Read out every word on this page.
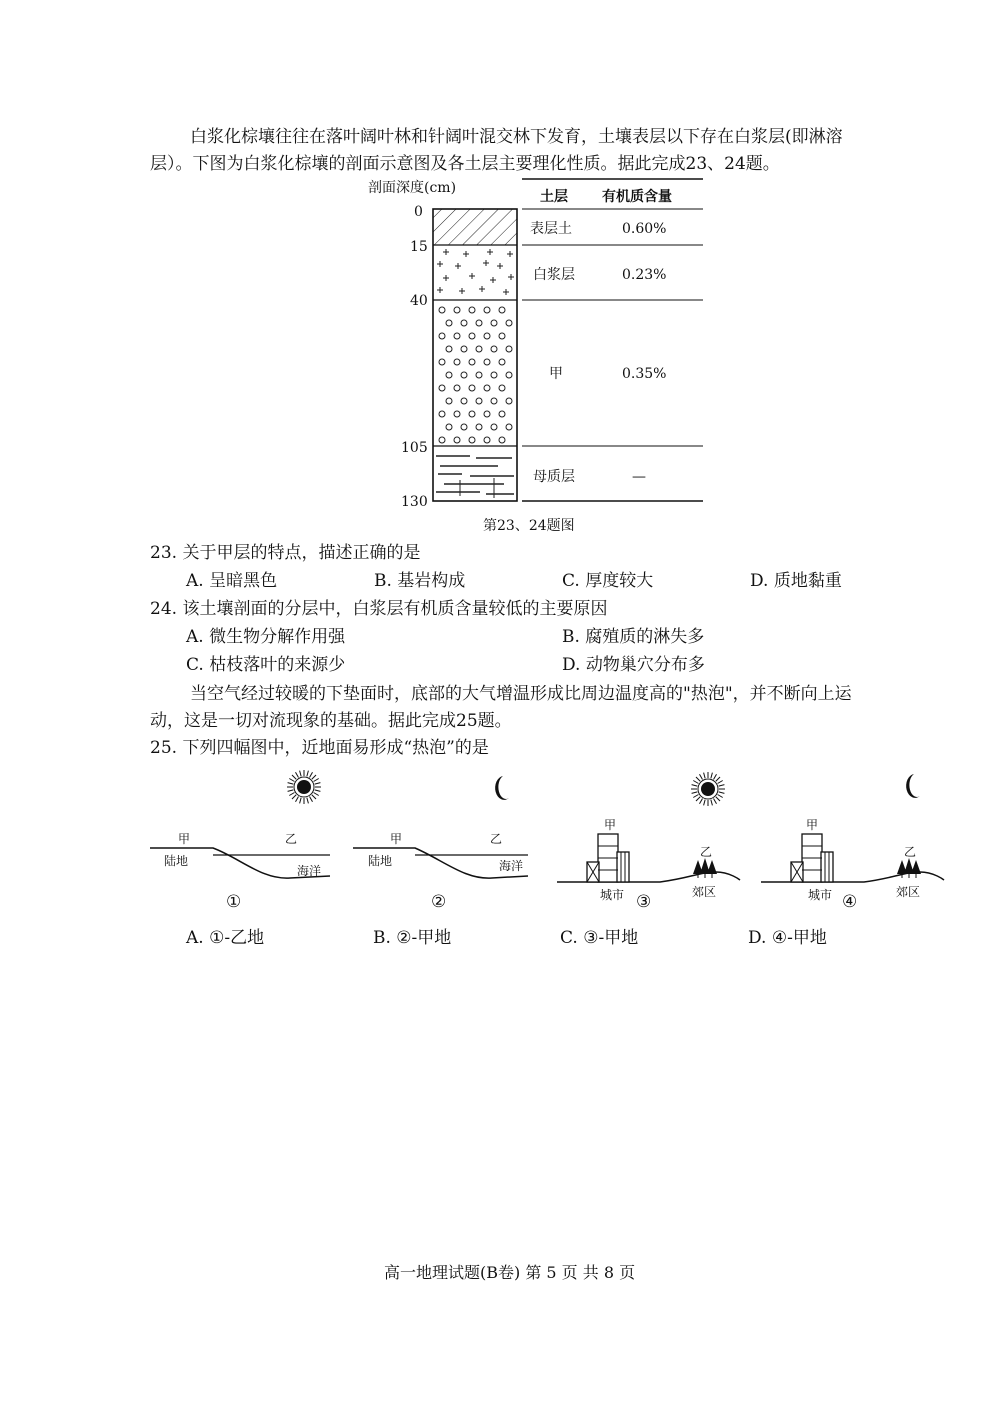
白浆化棕壤往往在落叶阔叶林和针阔叶混交林下发育，土壤表层以下存在白浆层(即淋溶
层）。下图为白浆化棕壤的剖面示意图及各土层主要理化性质。据此完成23、24题。
剖面深度(cm)
0
15
40
105
130
土层 有机质含量
表层土	0.60%
白浆层	0.23%
甲	0.35%
母质层	—
第23、24题图
23. 关于甲层的特点，描述正确的是
A. 呈暗黑色	B. 基岩构成	C. 厚度较大	D. 质地黏重
24. 该土壤剖面的分层中，白浆层有机质含量较低的主要原因
A. 微生物分解作用强	B. 腐殖质的淋失多
C. 枯枝落叶的来源少	D. 动物巢穴分布多
当空气经过较暖的下垫面时，底部的大气增温形成比周边温度高的"热泡"，并不断向上运
动，这是一切对流现象的基础。据此完成25题。
25. 下列四幅图中，近地面易形成“热泡”的是
甲	乙
陆地
海洋
①
甲	乙
陆地	海洋
②
甲
乙
城市	郊区
③
甲
乙
城市	郊区
④
A. ①-乙地	B. ②-甲地	C. ③-甲地	D. ④-甲地
高一地理试题(B卷) 第 5 页 共 8 页
